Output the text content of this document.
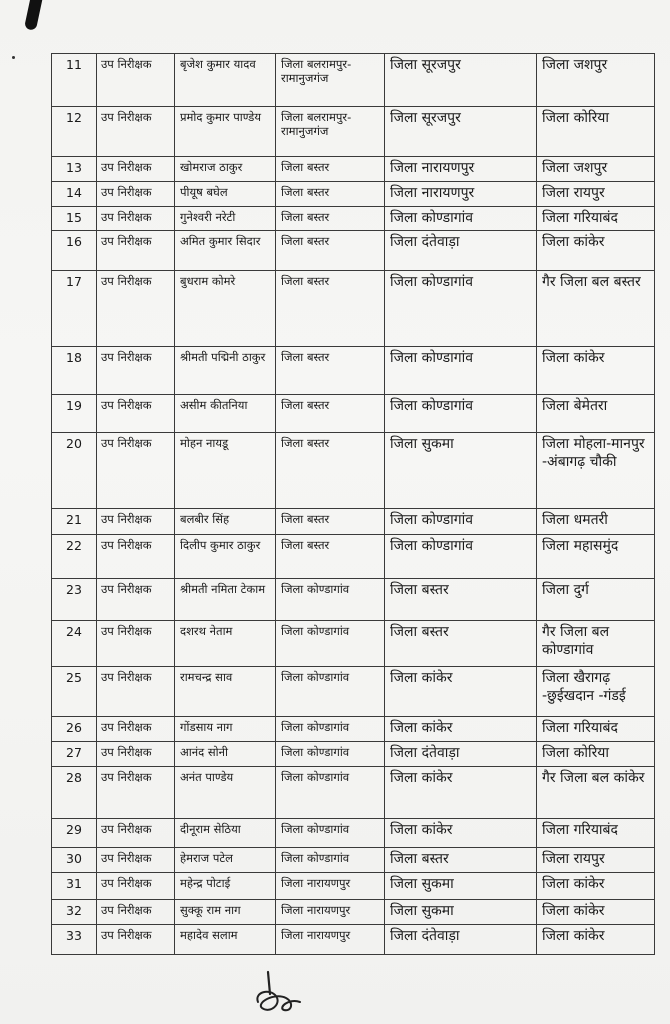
11	उप निरीक्षक	बृजेश कुमार यादव	जिला बलरामपुर-रामानुजगंज	जिला सूरजपुर	जिला जशपुर
12	उप निरीक्षक	प्रमोद कुमार पाण्डेय	जिला बलरामपुर-रामानुजगंज	जिला सूरजपुर	जिला कोरिया
13	उप निरीक्षक	खोमराज ठाकुर	जिला बस्तर	जिला नारायणपुर	जिला जशपुर
14	उप निरीक्षक	पीयूष बघेल	जिला बस्तर	जिला नारायणपुर	जिला रायपुर
15	उप निरीक्षक	गुनेश्वरी नरेटी	जिला बस्तर	जिला कोण्डागांव	जिला गरियाबंद
16	उप निरीक्षक	अमित कुमार सिदार	जिला बस्तर	जिला दंतेवाड़ा	जिला कांकेर
17	उप निरीक्षक	बुधराम कोमरे	जिला बस्तर	जिला कोण्डागांव	गैर जिला बल बस्तर
18	उप निरीक्षक	श्रीमती पद्मिनी ठाकुर	जिला बस्तर	जिला कोण्डागांव	जिला कांकेर
19	उप निरीक्षक	असीम कीतनिया	जिला बस्तर	जिला कोण्डागांव	जिला बेमेतरा
20	उप निरीक्षक	मोहन नायडू	जिला बस्तर	जिला सुकमा	जिला मोहला-मानपुर -अंबागढ़ चौकी
21	उप निरीक्षक	बलबीर सिंह	जिला बस्तर	जिला कोण्डागांव	जिला धमतरी
22	उप निरीक्षक	दिलीप कुमार ठाकुर	जिला बस्तर	जिला कोण्डागांव	जिला महासमुंद
23	उप निरीक्षक	श्रीमती नमिता टेकाम	जिला कोण्डागांव	जिला बस्तर	जिला दुर्ग
24	उप निरीक्षक	दशरथ नेताम	जिला कोण्डागांव	जिला बस्तर	गैर जिला बल कोण्डागांव
25	उप निरीक्षक	रामचन्द्र साव	जिला कोण्डागांव	जिला कांकेर	जिला खैरागढ़ -छुईखदान -गंडई
26	उप निरीक्षक	गोंडसाय नाग	जिला कोण्डागांव	जिला कांकेर	जिला गरियाबंद
27	उप निरीक्षक	आनंद सोनी	जिला कोण्डागांव	जिला दंतेवाड़ा	जिला कोरिया
28	उप निरीक्षक	अनंत पाण्डेय	जिला कोण्डागांव	जिला कांकेर	गैर जिला बल कांकेर
29	उप निरीक्षक	दीनूराम सेठिया	जिला कोण्डागांव	जिला कांकेर	जिला गरियाबंद
30	उप निरीक्षक	हेमराज पटेल	जिला कोण्डागांव	जिला बस्तर	जिला रायपुर
31	उप निरीक्षक	महेन्द्र पोटाई	जिला नारायणपुर	जिला सुकमा	जिला कांकेर
32	उप निरीक्षक	सुक्कू राम नाग	जिला नारायणपुर	जिला सुकमा	जिला कांकेर
33	उप निरीक्षक	महादेव सलाम	जिला नारायणपुर	जिला दंतेवाड़ा	जिला कांकेर
